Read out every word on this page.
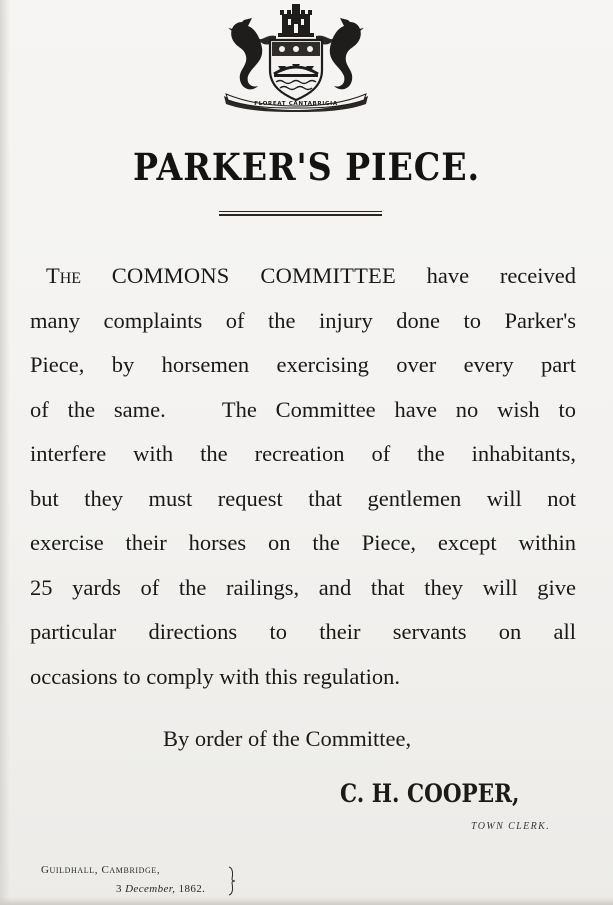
FLOREAT CANTABRIGIA
PARKER'S PIECE.
The COMMONS COMMITTEE have received
many complaints of the injury done to Parker's
Piece, by horsemen exercising over every part
of the same.   The Committee have no wish to
interfere with the recreation of the inhabitants,
but they must request that gentlemen will not
exercise their horses on the Piece, except within
25 yards of the railings, and that they will give
particular directions to their servants on all
occasions to comply with this regulation.
By order of the Committee,
C. H. COOPER,
TOWN CLERK.
Guildhall, Cambridge,
3 December, 1862.
